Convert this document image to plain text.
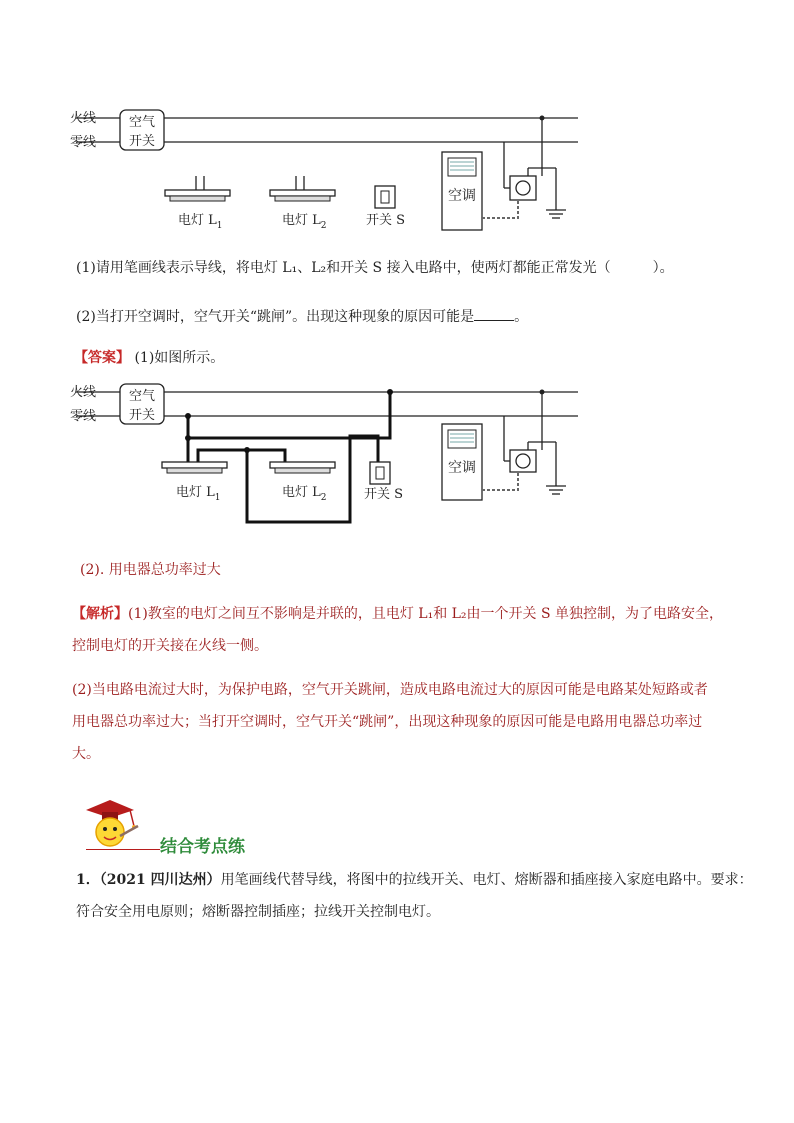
火线
零线
空气
开关
电灯 $L_1$	电灯 $L_2$	开关 S
空调
(1)请用笔画线表示导线，将电灯 L₁、L₂和开关 S 接入电路中，使两灯都能正常发光（　　　）。
(2)当打开空调时，空气开关“跳闸”。出现这种现象的原因可能是	。
【答案】 (1)如图所示。
火线
零线
空气
开关
电灯 $L_1$	电灯 $L_2$	开关 S
空调
(2). 用电器总功率过大
【解析】(1)教室的电灯之间互不影响是并联的，且电灯 L₁和 L₂由一个开关 S 单独控制，为了电路安全，
控制电灯的开关接在火线一侧。
(2)当电路电流过大时，为保护电路，空气开关跳闸，造成电路电流过大的原因可能是电路某处短路或者
用电器总功率过大；当打开空调时，空气开关“跳闸”，出现这种现象的原因可能是电路用电器总功率过
大。
结合考点练
1．（2021 四川达州）用笔画线代替导线，将图中的拉线开关、电灯、熔断器和插座接入家庭电路中。要求：
符合安全用电原则；熔断器控制插座；拉线开关控制电灯。
